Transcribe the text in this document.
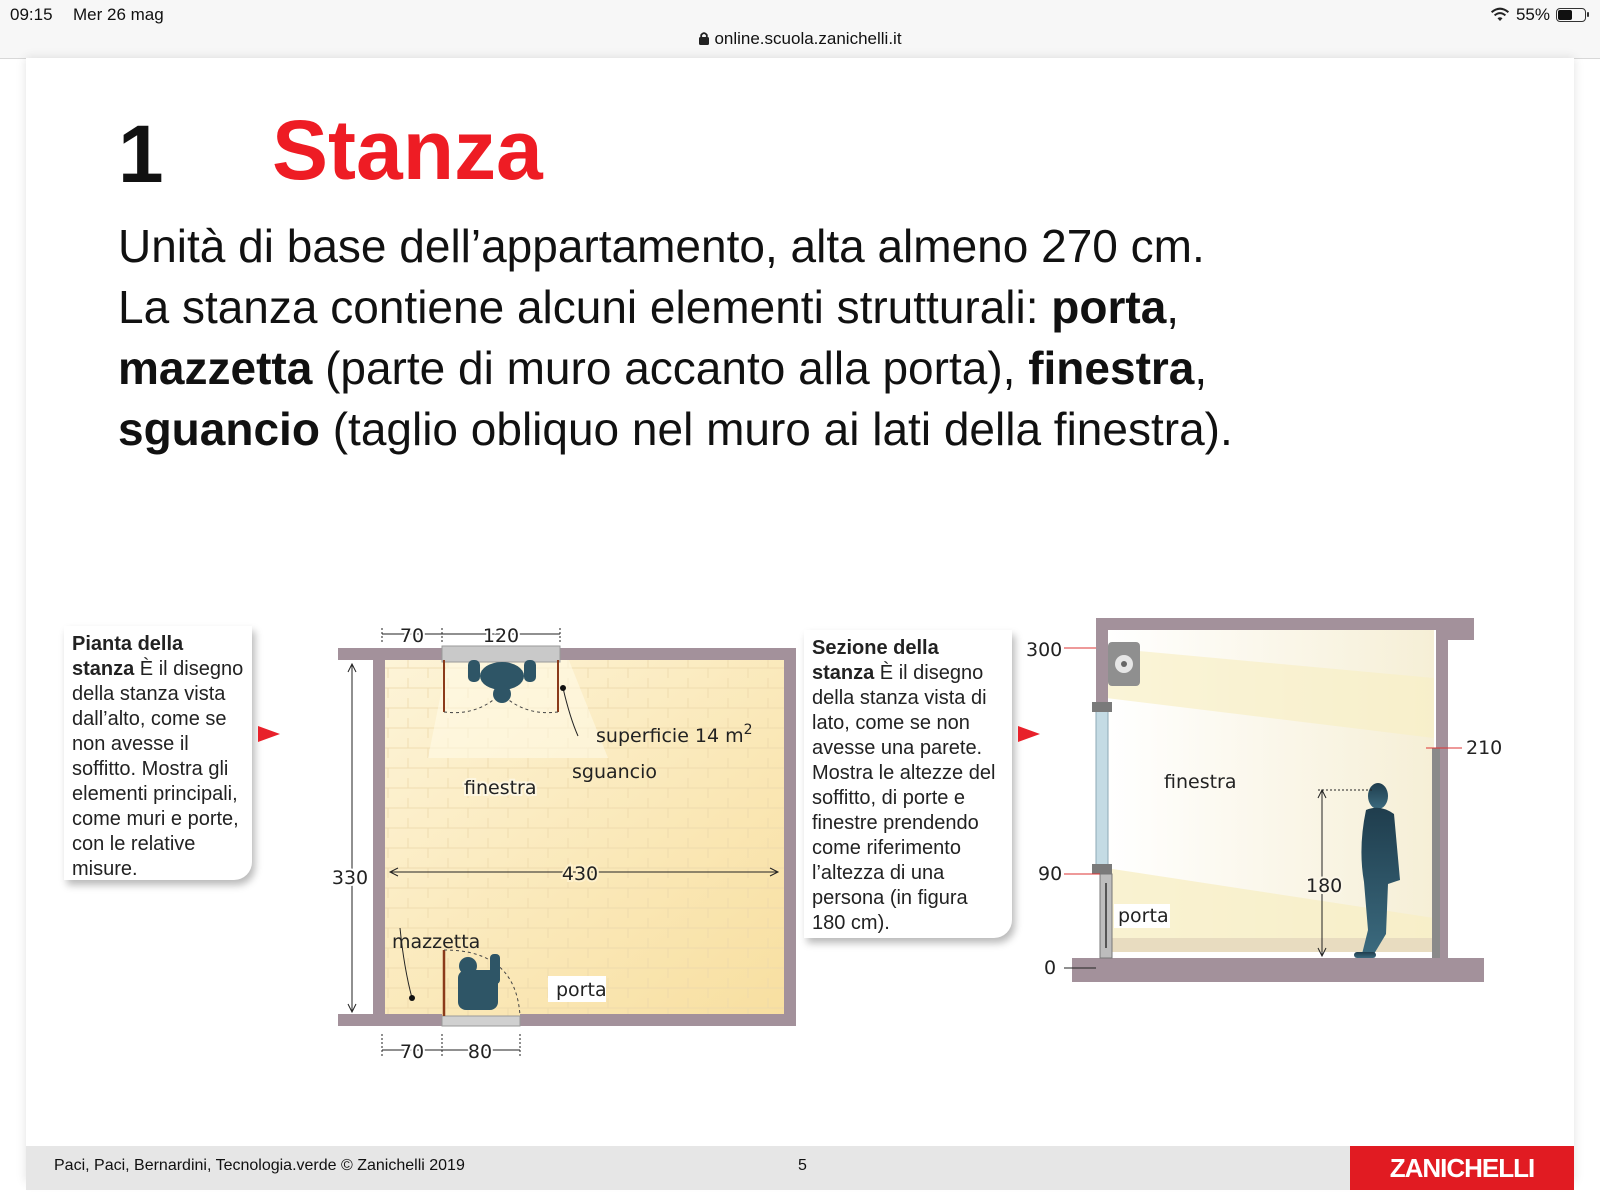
09:15 Mer 26 mag	55%
online.scuola.zanichelli.it
1 Stanza
Unità di base dell’appartamento, alta almeno 270 cm.
La stanza contiene alcuni elementi strutturali: porta,
mazzetta (parte di muro accanto alla porta), finestra,
sguancio (taglio obliquo nel muro ai lati della finestra).
Pianta della stanza È il disegno della stanza vista dall’alto, come se non avesse il soffitto. Mostra gli elementi principali, come muri e porte, con le relative misure.
70	120
330	430
70 80
superficie 14 $m^2$
finestra
sguancio
mazzetta
porta
Sezione della stanza È il disegno della stanza vista di lato, come se non avesse una parete. Mostra le altezze del soffitto, di porte e finestre prendendo come riferimento l’altezza di una persona (in figura 180 cm).
300
210
90
0
180
finestra
porta
Paci, Paci, Bernardini, Tecnologia.verde © Zanichelli 2019	5	ZANICHELLI
